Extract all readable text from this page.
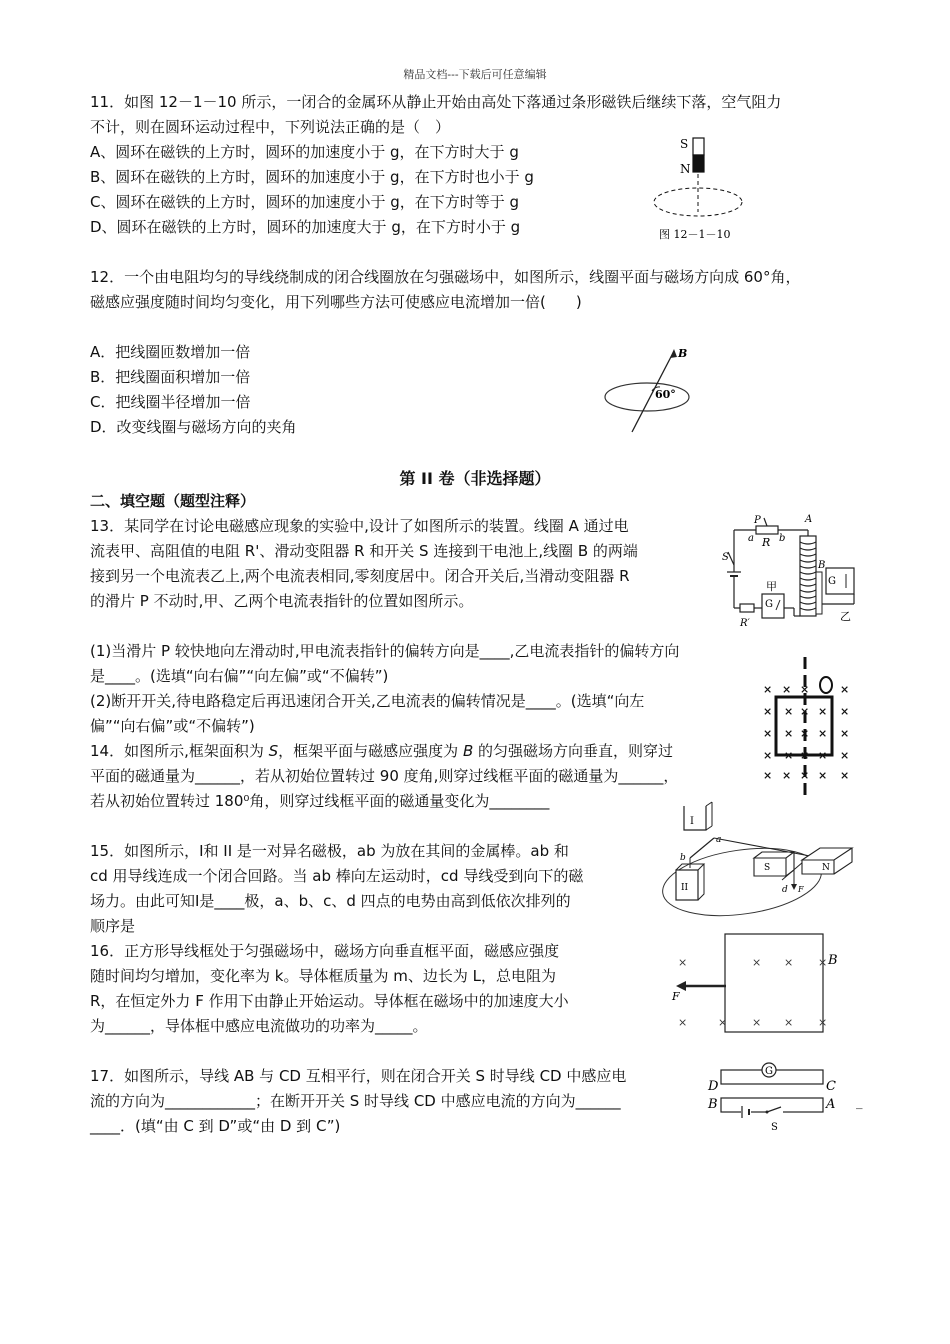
精品文档---下载后可任意编辑
11．如图 12－1－10 所示，一闭合的金属环从静止开始由高处下落通过条形磁铁后继续下落，空气阻力
不计，则在圆环运动过程中，下列说法正确的是（　）
A、圆环在磁铁的上方时，圆环的加速度小于 g，在下方时大于 g
B、圆环在磁铁的上方时，圆环的加速度小于 g，在下方时也小于 g
C、圆环在磁铁的上方时，圆环的加速度小于 g，在下方时等于 g
D、圆环在磁铁的上方时，圆环的加速度大于 g，在下方时小于 g
S
N
图 12－1－10
12．一个由电阻均匀的导线绕制成的闭合线圈放在匀强磁场中，如图所示，线圈平面与磁场方向成 60°角，
磁感应强度随时间均匀变化，用下列哪些方法可使感应电流增加一倍(　　)
A．把线圈匝数增加一倍
B．把线圈面积增加一倍
C．把线圈半径增加一倍
D．改变线圈与磁场方向的夹角
B
60°
第 II 卷（非选择题）
二、填空题（题型注释）
13．某同学在讨论电磁感应现象的实验中,设计了如图所示的装置。线圈 A 通过电
流表甲、高阻值的电阻 R'、滑动变阻器 R 和开关 S 连接到干电池上,线圈 B 的两端
接到另一个电流表乙上,两个电流表相同,零刻度居中。闭合开关后,当滑动变阻器 R
的滑片 P 不动时,甲、乙两个电流表指针的位置如图所示。
(1)当滑片 P 较快地向左滑动时,甲电流表指针的偏转方向是____,乙电流表指针的偏转方向
是____。(选填“向右偏”“向左偏”或“不偏转”)
(2)断开开关,待电路稳定后再迅速闭合开关,乙电流表的偏转情况是____。(选填“向左
偏”“向右偏”或“不偏转”)
P
a R b
S
R′
G
甲
A
B
G
乙
14．如图所示,框架面积为 S，框架平面与磁感应强度为 B 的匀强磁场方向垂直，则穿过
平面的磁通量为______，若从初始位置转过 90 度角,则穿过线框平面的磁通量为______，
若从初始位置转过 180⁰角，则穿过线框平面的磁通量变化为________
× × ×	×
× × × × ×
× × × × ×
× × × × ×
× × × × ×
15．如图所示，Ⅰ和 II 是一对异名磁极，ab 为放在其间的金属棒。ab 和
cd 用导线连成一个闭合回路。当 ab 棒向左运动时，cd 导线受到向下的磁
场力。由此可知Ⅰ是____极，a、b、c、d 四点的电势由高到低依次排列的
顺序是
I
II
a
b
S
d F
N
16．正方形导线框处于匀强磁场中，磁场方向垂直框平面，磁感应强度
随时间均匀增加，变化率为 k。导体框质量为 m、边长为 L，总电阻为
R，在恒定外力 F 作用下由静止开始运动。导体框在磁场中的加速度大小
为______，导体框中感应电流做功的功率为_____。
×	× × ×
×	× × × ×
B
F
17．如图所示，导线 AB 与 CD 互相平行，则在闭合开关 S 时导线 CD 中感应电
流的方向为____________；在断开开关 S 时导线 CD 中感应电流的方向为______
____．(填“由 C 到 D”或“由 D 到 C”)
D	C
B	A _
G
S
